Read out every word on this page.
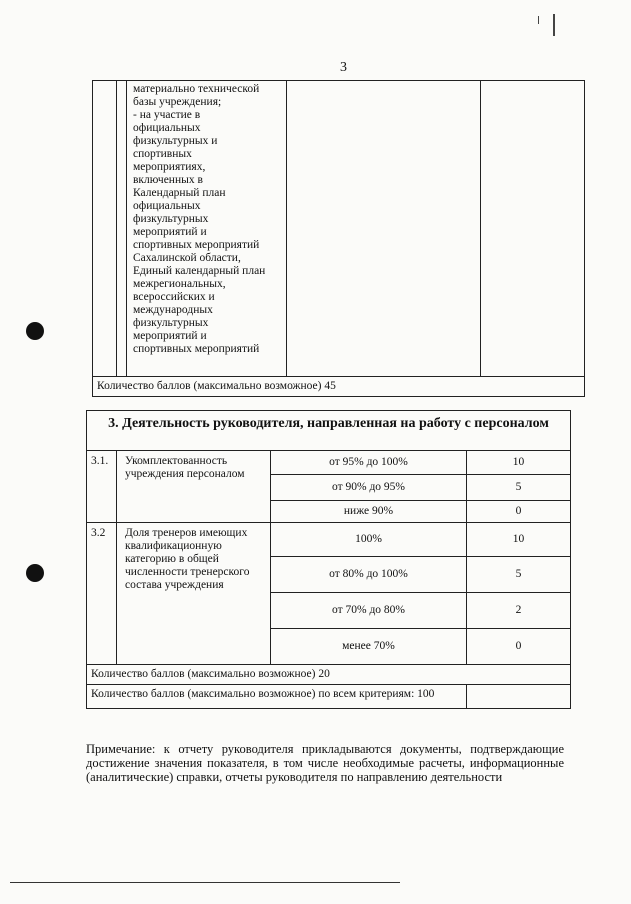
3
		материально технической
базы учреждения;
- на участие в
официальных
физкультурных и
спортивных
мероприятиях,
включенных в
Календарный план
официальных
физкультурных
мероприятий и
спортивных мероприятий
Сахалинской области,
Единый календарный план
межрегиональных,
всероссийских и
международных
физкультурных
мероприятий и
спортивных мероприятий		
Количество баллов (максимально возможное) 45
3. Деятельность руководителя, направленная на работу с персоналом			
3.1.	Укомплектованность
учреждения персоналом	от 95% до 100%	10
		от 90% до 95%	5
		ниже 90%	0
3.2	Доля тренеров имеющих
квалификационную
категорию в общей
численности тренерского
состава учреждения	100%	10
		от 80% до 100%	5
		от 70% до 80%	2
		менее 70%	0
Количество баллов (максимально возможное) 20			
Количество баллов (максимально возможное) по всем критериям: 100			
Примечание: к отчету руководителя прикладываются документы, подтверждающие достижение значения показателя, в том числе необходимые расчеты, информационные (аналитические) справки, отчеты руководителя по направлению деятельности
